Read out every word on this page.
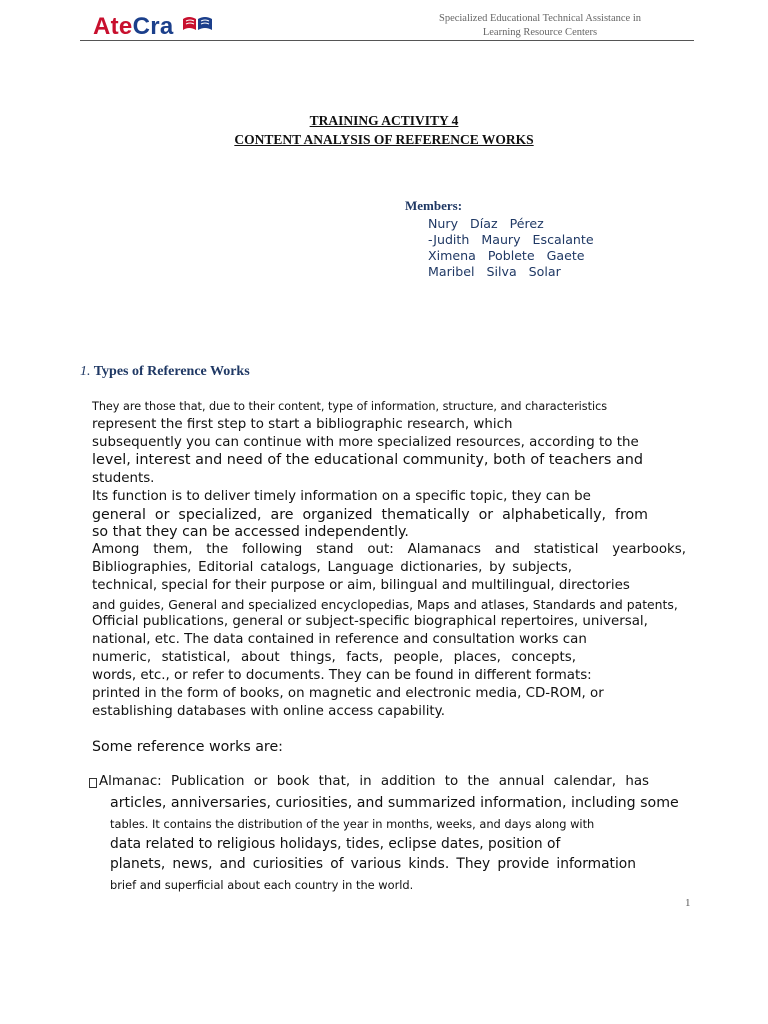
AteCra	Specialized Educational Technical Assistance in
Learning Resource Centers
TRAINING ACTIVITY 4
CONTENT ANALYSIS OF REFERENCE WORKS
Members:
Nury Díaz Pérez
-Judith Maury Escalante
Ximena Poblete Gaete
Maribel Silva Solar
1. Types of Reference Works
They are those that, due to their content, type of information, structure, and characteristics
represent the first step to start a bibliographic research, which
subsequently you can continue with more specialized resources, according to the
level, interest and need of the educational community, both of teachers and
students.
Its function is to deliver timely information on a specific topic, they can be
general or specialized, are organized thematically or alphabetically, from
so that they can be accessed independently.
Among them, the following stand out: Alamanacs and statistical yearbooks,
Bibliographies, Editorial catalogs, Language dictionaries, by subjects,
technical, special for their purpose or aim, bilingual and multilingual, directories
and guides, General and specialized encyclopedias, Maps and atlases, Standards and patents,
Official publications, general or subject-specific biographical repertoires, universal,
national, etc. The data contained in reference and consultation works can
numeric, statistical, about things, facts, people, places, concepts,
words, etc., or refer to documents. They can be found in different formats:
printed in the form of books, on magnetic and electronic media, CD-ROM, or
establishing databases with online access capability.
Some reference works are:
Almanac: Publication or book that, in addition to the annual calendar, has
articles, anniversaries, curiosities, and summarized information, including some
tables. It contains the distribution of the year in months, weeks, and days along with
data related to religious holidays, tides, eclipse dates, position of
planets, news, and curiosities of various kinds. They provide information
brief and superficial about each country in the world.
1
